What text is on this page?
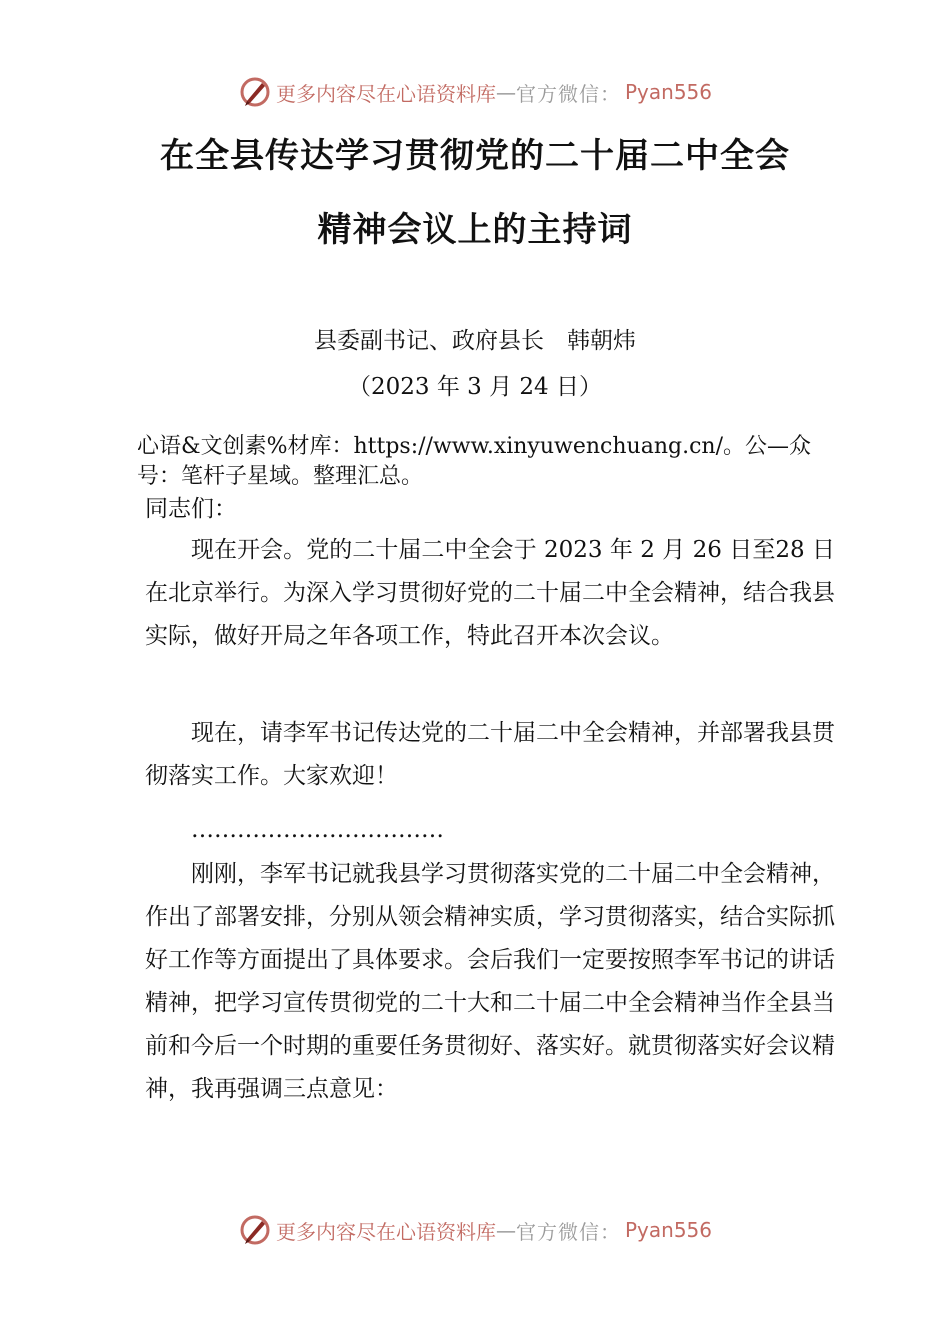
更多内容尽在心语资料库 — 官方微信： Pyan556
在全县传达学习贯彻党的二十届二中全会
精神会议上的主持词
县委副书记、政府县长　韩朝炜
（2023 年 3 月 24 日）

心语&文创素%材库：https://www.xinyuwenchuang.cn/。公—众号：笔杆子星域。整理汇总。

同志们：

现在开会。党的二十届二中全会于 2023 年 2 月 26 日至28 日在北京举行。为深入学习贯彻好党的二十届二中全会精神，结合我县实际，做好开局之年各项工作，特此召开本次会议。

现在，请李军书记传达党的二十届二中全会精神，并部署我县贯彻落实工作。大家欢迎！

……………………………

刚刚，李军书记就我县学习贯彻落实党的二十届二中全会精神，作出了部署安排，分别从领会精神实质，学习贯彻落实，结合实际抓好工作等方面提出了具体要求。会后我们一定要按照李军书记的讲话精神，把学习宣传贯彻党的二十大和二十届二中全会精神当作全县当前和今后一个时期的重要任务贯彻好、落实好。就贯彻落实好会议精神，我再强调三点意见：

更多内容尽在心语资料库 — 官方微信： Pyan556
